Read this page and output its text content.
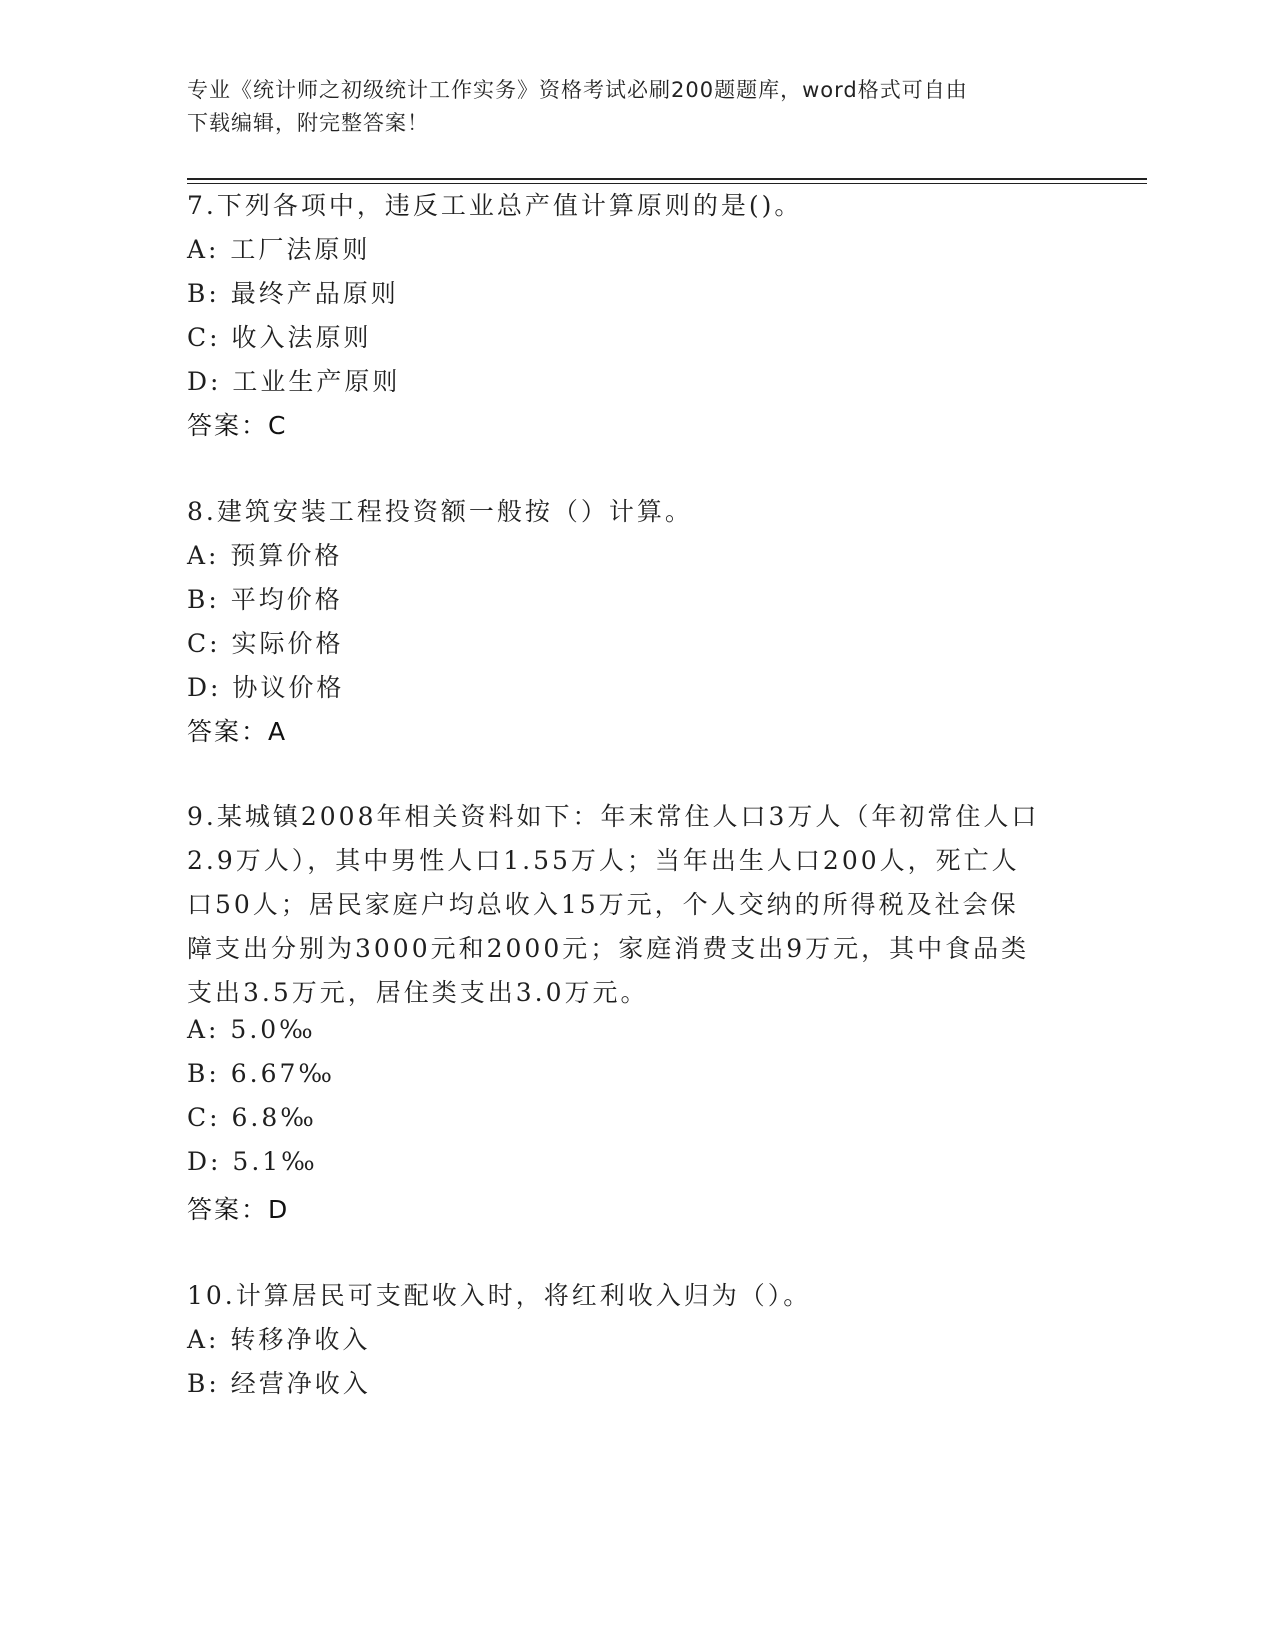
专业《统计师之初级统计工作实务》资格考试必刷200题题库，word格式可自由
下载编辑，附完整答案！
7.下列各项中，违反工业总产值计算原则的是()。
A: 工厂法原则
B: 最终产品原则
C: 收入法原则
D: 工业生产原则
答案：C
8.建筑安装工程投资额一般按（）计算。
A: 预算价格
B: 平均价格
C: 实际价格
D: 协议价格
答案：A
9.某城镇2008年相关资料如下：年末常住人口3万人（年初常住人口
2.9万人），其中男性人口1.55万人；当年出生人口200人，死亡人
口50人；居民家庭户均总收入15万元，个人交纳的所得税及社会保
障支出分别为3000元和2000元；家庭消费支出9万元，其中食品类
支出3.5万元，居住类支出3.0万元。
A: 5.0‰
B: 6.67‰
C: 6.8‰
D: 5.1‰
答案：D
10.计算居民可支配收入时，将红利收入归为（）。
A: 转移净收入
B: 经营净收入
